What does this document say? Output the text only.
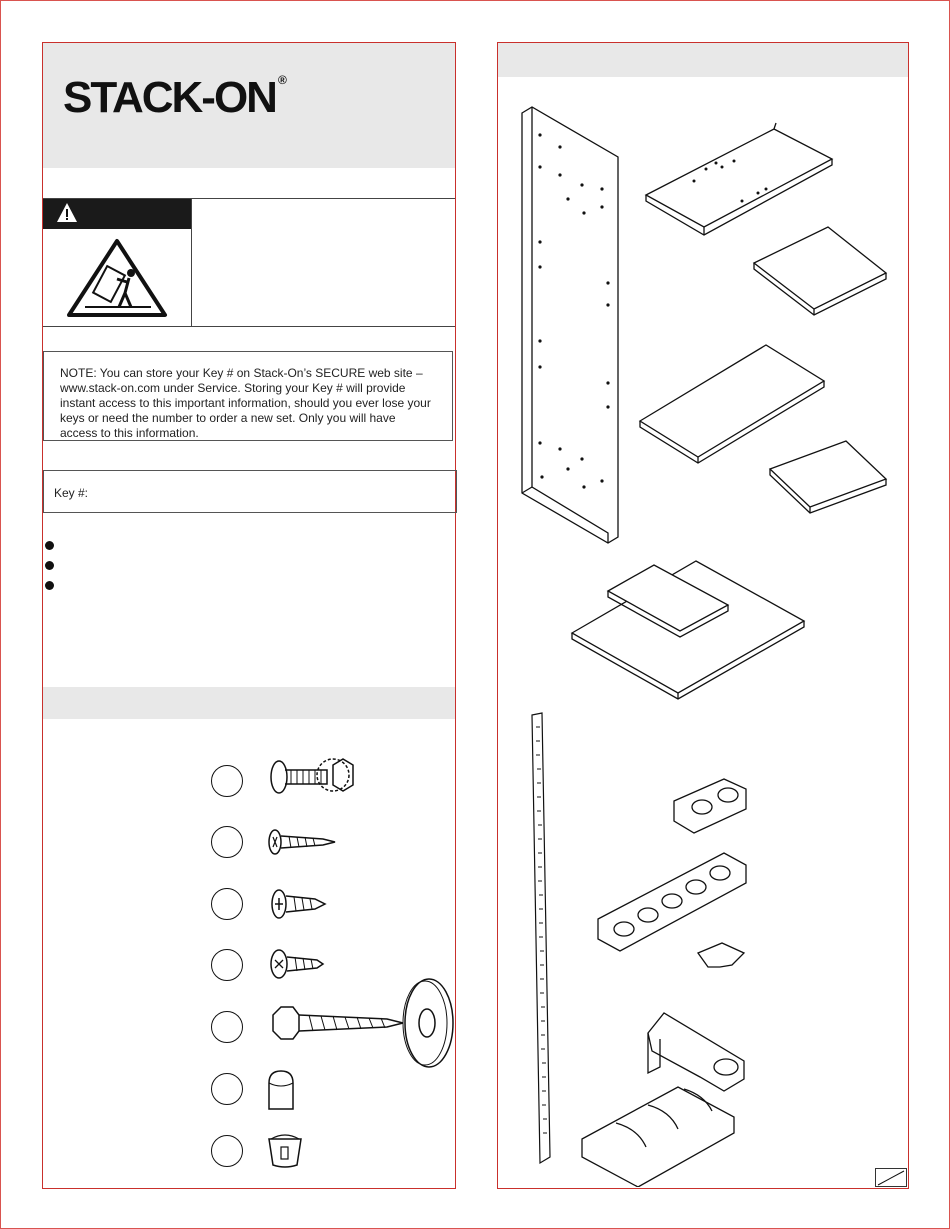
STACK-ON ®
NOTE: You can store your Key # on Stack-On’s SECURE web site – www.stack-on.com under Service. Storing your Key # will provide instant access to this important information, should you ever lose your keys or need the number to order a new set. Only you will have access to this information.
Key #:
